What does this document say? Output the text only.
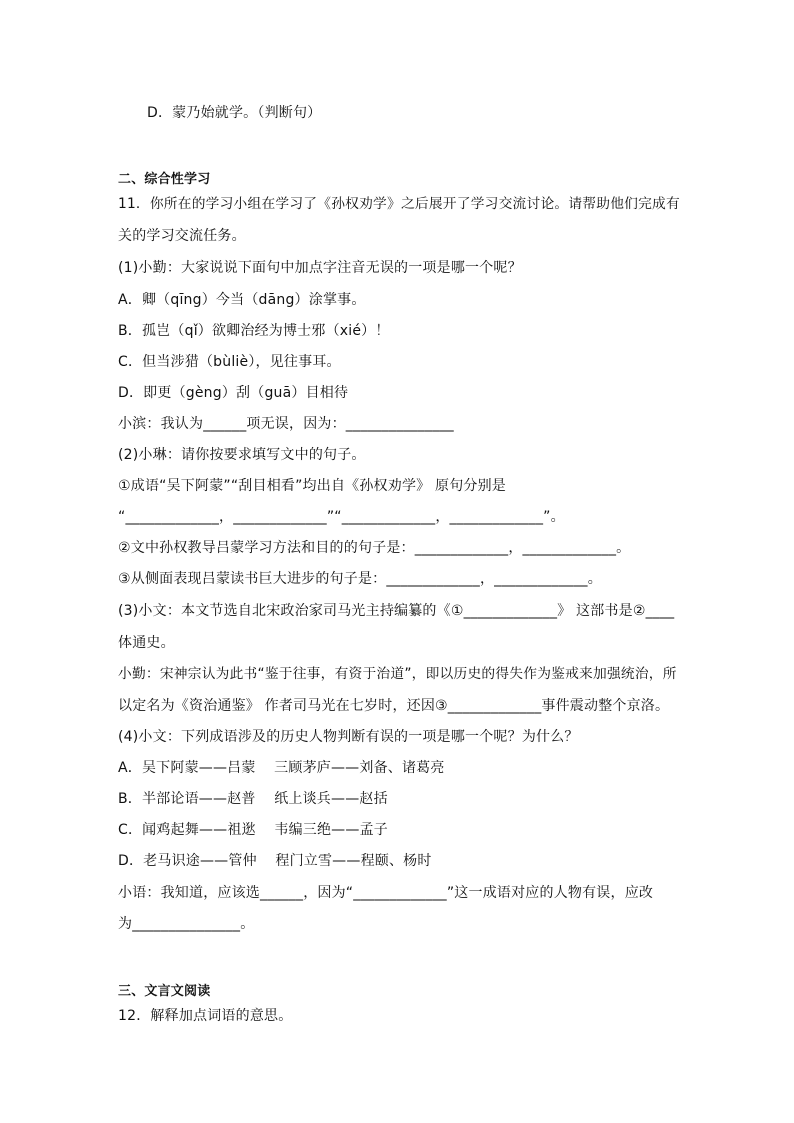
D．蒙乃始就学。（判断句）
二、综合性学习
11．你所在的学习小组在学习了《孙权劝学》之后展开了学习交流讨论。请帮助他们完成有
关的学习交流任务。
(1)小勤：大家说说下面句中加点字注音无误的一项是哪一个呢？
A．卿（qīng）今当（dāng）涂掌事。
B．孤岂（qǐ）欲卿治经为博士邪（xié）！
C．但当涉猎（bùliè），见往事耳。
D．即更（gèng）刮（guā）目相待
小滨：我认为______项无误，因为：_______________
(2)小琳：请你按要求填写文中的句子。
①成语“吴下阿蒙”“刮目相看”均出自《孙权劝学》 原句分别是
“_____________，_____________”“_____________，_____________”。
②文中孙权教导吕蒙学习方法和目的的句子是：_____________，_____________。
③从侧面表现吕蒙读书巨大进步的句子是：_____________，_____________。
(3)小文：本文节选自北宋政治家司马光主持编纂的《①_____________》 这部书是②____
体通史。
小勤：宋神宗认为此书“鉴于往事，有资于治道”，即以历史的得失作为鉴戒来加强统治，所
以定名为《资治通鉴》 作者司马光在七岁时，还因③_____________事件震动整个京洛。
(4)小文：下列成语涉及的历史人物判断有误的一项是哪一个呢？为什么？
A．吴下阿蒙——吕蒙    三顾茅庐——刘备、诸葛亮
B．半部论语——赵普    纸上谈兵——赵括
C．闻鸡起舞——祖逖    韦编三绝——孟子
D．老马识途——管仲    程门立雪——程颐、杨时
小语：我知道，应该选______，因为“_____________”这一成语对应的人物有误，应改
为_______________。
三、文言文阅读
12．解释加点词语的意思。
